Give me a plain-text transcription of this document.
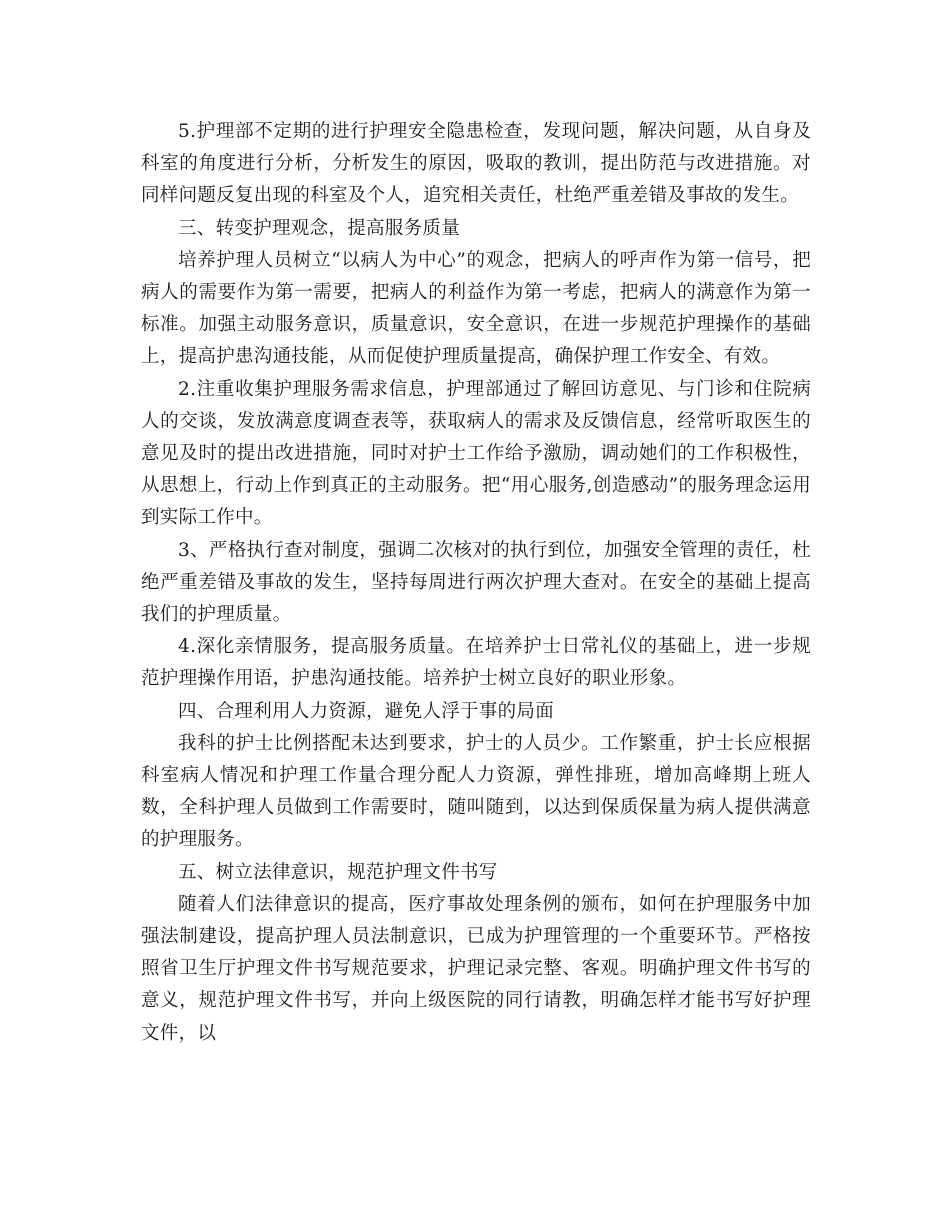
5.护理部不定期的进行护理安全隐患检查，发现问题，解决问题，从自身及科室的角度进行分析，分析发生的原因，吸取的教训，提出防范与改进措施。对同样问题反复出现的科室及个人，追究相关责任，杜绝严重差错及事故的发生。

三、转变护理观念，提高服务质量

培养护理人员树立“以病人为中心”的观念，把病人的呼声作为第一信号，把病人的需要作为第一需要，把病人的利益作为第一考虑，把病人的满意作为第一标准。加强主动服务意识，质量意识，安全意识，在进一步规范护理操作的基础上，提高护患沟通技能，从而促使护理质量提高，确保护理工作安全、有效。

2.注重收集护理服务需求信息，护理部通过了解回访意见、与门诊和住院病人的交谈，发放满意度调查表等，获取病人的需求及反馈信息，经常听取医生的意见及时的提出改进措施，同时对护士工作给予激励，调动她们的工作积极性，从思想上，行动上作到真正的主动服务。把“用心服务,创造感动”的服务理念运用到实际工作中。

3、严格执行查对制度，强调二次核对的执行到位，加强安全管理的责任，杜绝严重差错及事故的发生，坚持每周进行两次护理大查对。在安全的基础上提高我们的护理质量。

4.深化亲情服务，提高服务质量。在培养护士日常礼仪的基础上，进一步规范护理操作用语，护患沟通技能。培养护士树立良好的职业形象。

四、合理利用人力资源，避免人浮于事的局面

我科的护士比例搭配未达到要求，护士的人员少。工作繁重，护士长应根据科室病人情况和护理工作量合理分配人力资源，弹性排班，增加高峰期上班人数，全科护理人员做到工作需要时，随叫随到，以达到保质保量为病人提供满意的护理服务。

五、树立法律意识，规范护理文件书写

随着人们法律意识的提高，医疗事故处理条例的颁布，如何在护理服务中加强法制建设，提高护理人员法制意识，已成为护理管理的一个重要环节。严格按照省卫生厅护理文件书写规范要求，护理记录完整、客观。明确护理文件书写的意义，规范护理文件书写，并向上级医院的同行请教，明确怎样才能书写好护理文件，以
